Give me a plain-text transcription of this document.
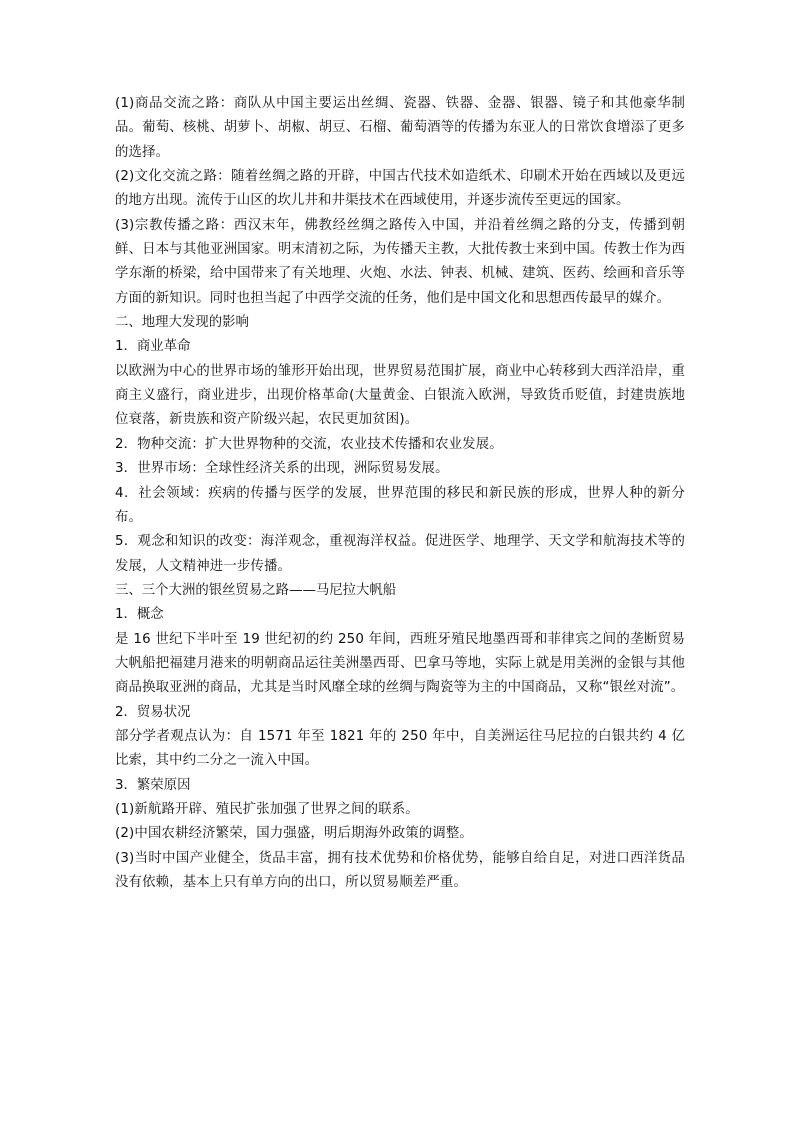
(1)商品交流之路：商队从中国主要运出丝绸、瓷器、铁器、金器、银器、镜子和其他豪华制品。葡萄、核桃、胡萝卜、胡椒、胡豆、石榴、葡萄酒等的传播为东亚人的日常饮食增添了更多的选择。

(2)文化交流之路：随着丝绸之路的开辟，中国古代技术如造纸术、印刷术开始在西域以及更远的地方出现。流传于山区的坎儿井和井渠技术在西域使用，并逐步流传至更远的国家。

(3)宗教传播之路：西汉末年，佛教经丝绸之路传入中国，并沿着丝绸之路的分支，传播到朝鲜、日本与其他亚洲国家。明末清初之际，为传播天主教，大批传教士来到中国。传教士作为西学东渐的桥梁，给中国带来了有关地理、火炮、水法、钟表、机械、建筑、医药、绘画和音乐等方面的新知识。同时也担当起了中西学交流的任务，他们是中国文化和思想西传最早的媒介。

二、地理大发现的影响

1．商业革命

以欧洲为中心的世界市场的雏形开始出现，世界贸易范围扩展，商业中心转移到大西洋沿岸，重商主义盛行，商业进步，出现价格革命(大量黄金、白银流入欧洲，导致货币贬值，封建贵族地位衰落，新贵族和资产阶级兴起，农民更加贫困)。

2．物种交流：扩大世界物种的交流，农业技术传播和农业发展。

3．世界市场：全球性经济关系的出现，洲际贸易发展。

4．社会领域：疾病的传播与医学的发展，世界范围的移民和新民族的形成，世界人种的新分布。

5．观念和知识的改变：海洋观念，重视海洋权益。促进医学、地理学、天文学和航海技术等的发展，人文精神进一步传播。

三、三个大洲的银丝贸易之路——马尼拉大帆船

1．概念

是 16 世纪下半叶至 19 世纪初的约 250 年间，西班牙殖民地墨西哥和菲律宾之间的垄断贸易大帆船把福建月港来的明朝商品运往美洲墨西哥、巴拿马等地，实际上就是用美洲的金银与其他商品换取亚洲的商品，尤其是当时风靡全球的丝绸与陶瓷等为主的中国商品，又称“银丝对流”。

2．贸易状况

部分学者观点认为：自 1571 年至 1821 年的 250 年中，自美洲运往马尼拉的白银共约 4 亿比索，其中约二分之一流入中国。

3．繁荣原因

(1)新航路开辟、殖民扩张加强了世界之间的联系。

(2)中国农耕经济繁荣，国力强盛，明后期海外政策的调整。

(3)当时中国产业健全，货品丰富，拥有技术优势和价格优势，能够自给自足，对进口西洋货品没有依赖，基本上只有单方向的出口，所以贸易顺差严重。
